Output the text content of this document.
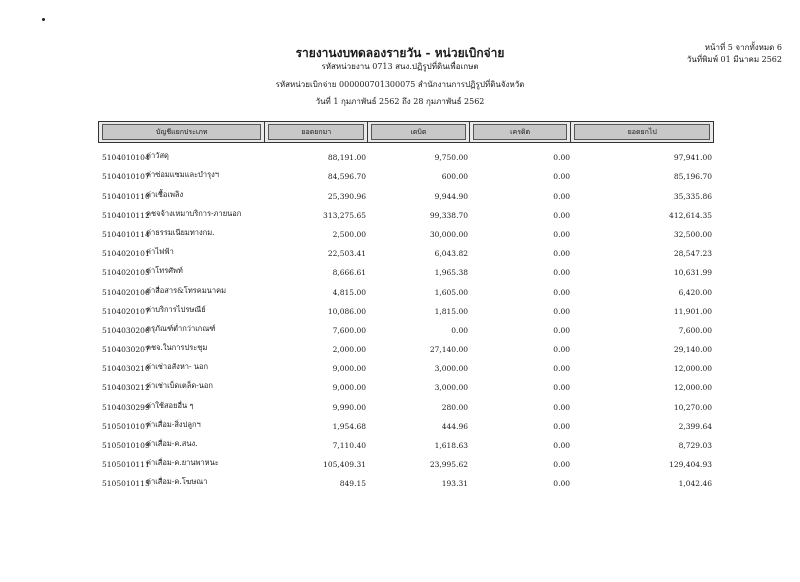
รายงานงบทดลองรายวัน - หน่วยเบิกจ่าย
รหัสหน่วยงาน 0713 สนง.ปฏิรูปที่ดินเพื่อเกษต
รหัสหน่วยเบิกจ่าย 000000701300075 สำนักงานการปฏิรูปที่ดินจังหวัด
วันที่ 1 กุมภาพันธ์ 2562 ถึง 28 กุมภาพันธ์ 2562
หน้าที่ 5 จากทั้งหมด 6
วันที่พิมพ์ 01 มีนาคม 2562
บัญชีแยกประเภท	ยอดยกมา	เดบิต	เครดิต	ยอดยกไป
5104010104
ค่าวัสดุ	88,191.00	9,750.00	0.00	97,941.00
5104010107
ค่าซ่อมแซมและบำรุงฯ	84,596.70	600.00	0.00	85,196.70
5104010110
ค่าเชื้อเพลิง	25,390.96	9,944.90	0.00	35,335.86
5104010112
คชจจ้างเหมาบริการ-ภายนอก	313,275.65	99,338.70	0.00	412,614.35
5104010114
ค่าธรรมเนียมทางกม.	2,500.00	30,000.00	0.00	32,500.00
5104020101
ค่าไฟฟ้า	22,503.41	6,043.82	0.00	28,547.23
5104020105
ค่าโทรศัพท์	8,666.61	1,965.38	0.00	10,631.99
5104020106
ค่าสื่อสาร&โทรคมนาคม	4,815.00	1,605.00	0.00	6,420.00
5104020107
ค่าบริการไปรษณีย์	10,086.00	1,815.00	0.00	11,901.00
5104030206
ครุภัณฑ์ต่ำกว่าเกณฑ์	7,600.00	0.00	0.00	7,600.00
5104030207
คชจ.ในการประชุม	2,000.00	27,140.00	0.00	29,140.00
5104030210
ค่าเช่าอสังหา- นอก	9,000.00	3,000.00	0.00	12,000.00
5104030212
ค่าเช่าเบ็ดเตล็ด-นอก	9,000.00	3,000.00	0.00	12,000.00
5104030299
ค่าใช้สอยอื่น ๆ	9,990.00	280.00	0.00	10,270.00
5105010107
ค่าเสื่อม-สิ่งปลูกฯ	1,954.68	444.96	0.00	2,399.64
5105010109
ค่าเสื่อม-ค.สนง.	7,110.40	1,618.63	0.00	8,729.03
5105010111
ค่าเสื่อม-ค.ยานพาหนะ	105,409.31	23,995.62	0.00	129,404.93
5105010115
ค่าเสื่อม-ค.โฆษณา	849.15	193.31	0.00	1,042.46
